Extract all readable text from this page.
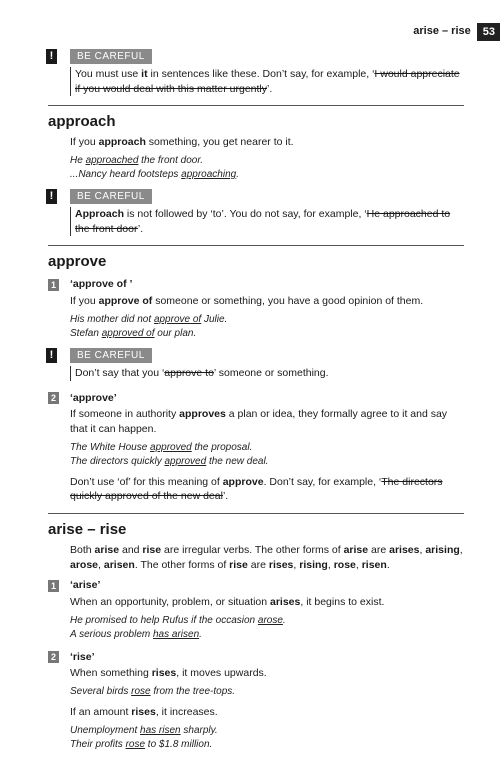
arise – rise	53
!	BE CAREFUL
You must use it in sentences like these. Don’t say, for example, ‘I would appreciate if you would deal with this matter urgently’.
approach
If you approach something, you get nearer to it.
He approached the front door.
...Nancy heard footsteps approaching.
!	BE CAREFUL
Approach is not followed by ‘to’. You do not say, for example, ‘He approached to the front door’.
approve
1 ‘approve of ’
If you approve of someone or something, you have a good opinion of them.
His mother did not approve of Julie.
Stefan approved of our plan.
!	BE CAREFUL
Don’t say that you ‘approve to’ someone or something.
2 ‘approve’
If someone in authority approves a plan or idea, they formally agree to it and say that it can happen.
The White House approved the proposal.
The directors quickly approved the new deal.
Don’t use ‘of’ for this meaning of approve. Don’t say, for example, ‘The directors quickly approved of the new deal’.
arise – rise
Both arise and rise are irregular verbs. The other forms of arise are arises, arising, arose, arisen. The other forms of rise are rises, rising, rose, risen.
1 ‘arise’
When an opportunity, problem, or situation arises, it begins to exist.
He promised to help Rufus if the occasion arose.
A serious problem has arisen.
2 ‘rise’
When something rises, it moves upwards.
Several birds rose from the tree-tops.
If an amount rises, it increases.
Unemployment has risen sharply.
Their profits rose to $1.8 million.
